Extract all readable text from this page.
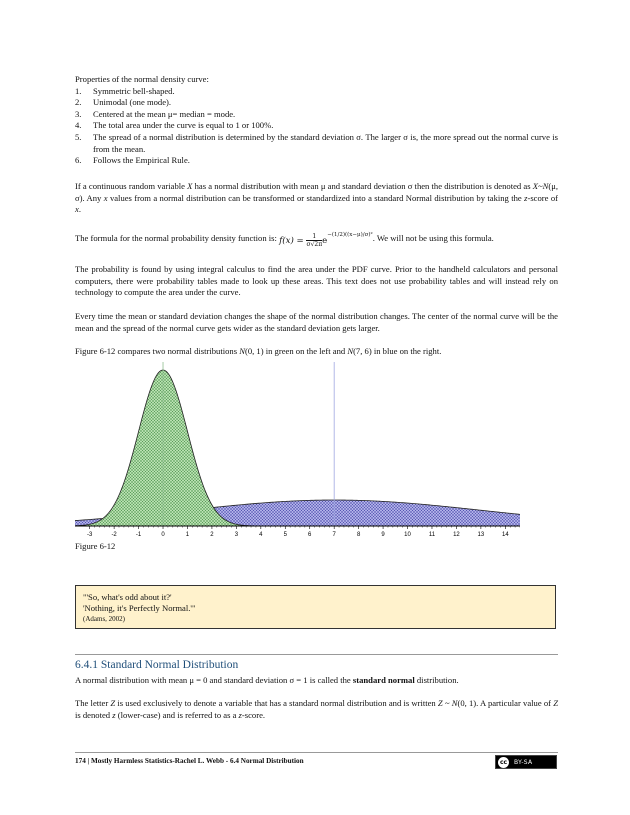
Properties of the normal density curve:
1. Symmetric bell-shaped.
2. Unimodal (one mode).
3. Centered at the mean μ= median = mode.
4. The total area under the curve is equal to 1 or 100%.
5. The spread of a normal distribution is determined by the standard deviation σ. The larger σ is, the more spread out the normal curve is from the mean.
6. Follows the Empirical Rule.
If a continuous random variable X has a normal distribution with mean μ and standard deviation σ then the distribution is denoted as X~N(μ, σ). Any x values from a normal distribution can be transformed or standardized into a standard Normal distribution by taking the z-score of x.
The formula for the normal probability density function is: $f(x) = \frac{1}{\sigma√2\pi} e^{-(1/2)((x-\mu)/\sigma)^2}$. We will not be using this formula.
The probability is found by using integral calculus to find the area under the PDF curve. Prior to the handheld calculators and personal computers, there were probability tables made to look up these areas. This text does not use probability tables and will instead rely on technology to compute the area under the curve.
Every time the mean or standard deviation changes the shape of the normal distribution changes. The center of the normal curve will be the mean and the spread of the normal curve gets wider as the standard deviation gets larger.
Figure 6-12 compares two normal distributions N(0, 1) in green on the left and N(7, 6) in blue on the right.
-3	-2	-1	0	1	2	3	4	5	6	7	8	9	10	11	12	13	14
Figure 6-12
"'So, what's odd about it?'
'Nothing, it's Perfectly Normal.'"
(Adams, 2002)
6.4.1 Standard Normal Distribution
A normal distribution with mean μ = 0 and standard deviation σ = 1 is called the standard normal distribution.
The letter Z is used exclusively to denote a variable that has a standard normal distribution and is written Z ~ N(0, 1). A particular value of Z is denoted z (lower-case) and is referred to as a z-score.
174 | Mostly Harmless Statistics-Rachel L. Webb - 6.4 Normal Distribution	cc	BY-SA
